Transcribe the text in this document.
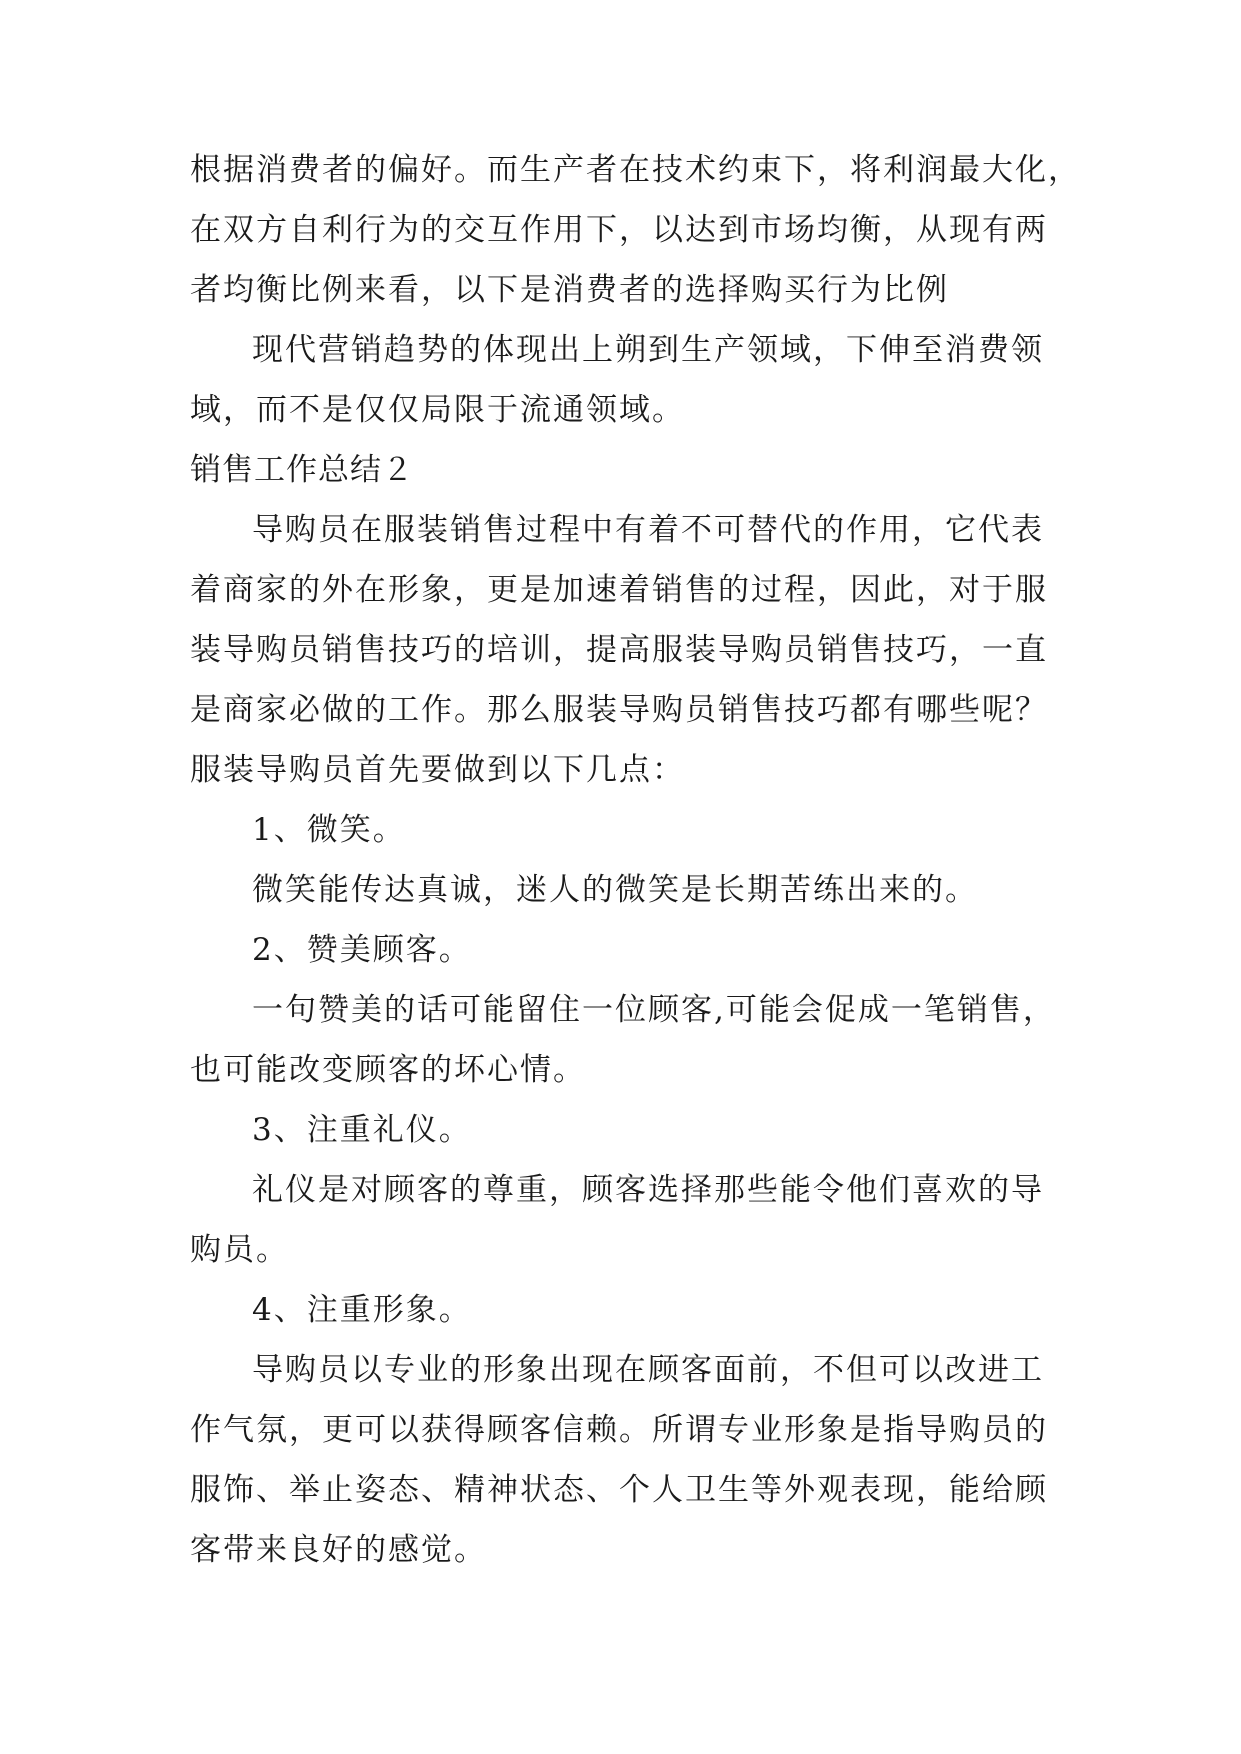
根据消费者的偏好。而生产者在技术约束下，将利润最大化，

在双方自利行为的交互作用下，以达到市场均衡，从现有两

者均衡比例来看，以下是消费者的选择购买行为比例

现代营销趋势的体现出上朔到生产领域，下伸至消费领

域，而不是仅仅局限于流通领域。

销售工作总结２

导购员在服装销售过程中有着不可替代的作用，它代表

着商家的外在形象，更是加速着销售的过程，因此，对于服

装导购员销售技巧的培训，提高服装导购员销售技巧，一直

是商家必做的工作。那么服装导购员销售技巧都有哪些呢？

服装导购员首先要做到以下几点：

1、微笑。

微笑能传达真诚，迷人的微笑是长期苦练出来的。

2、赞美顾客。

一句赞美的话可能留住一位顾客,可能会促成一笔销售，

也可能改变顾客的坏心情。

3、注重礼仪。

礼仪是对顾客的尊重，顾客选择那些能令他们喜欢的导

购员。

4、注重形象。

导购员以专业的形象出现在顾客面前，不但可以改进工

作气氛，更可以获得顾客信赖。所谓专业形象是指导购员的

服饰、举止姿态、精神状态、个人卫生等外观表现，能给顾

客带来良好的感觉。
